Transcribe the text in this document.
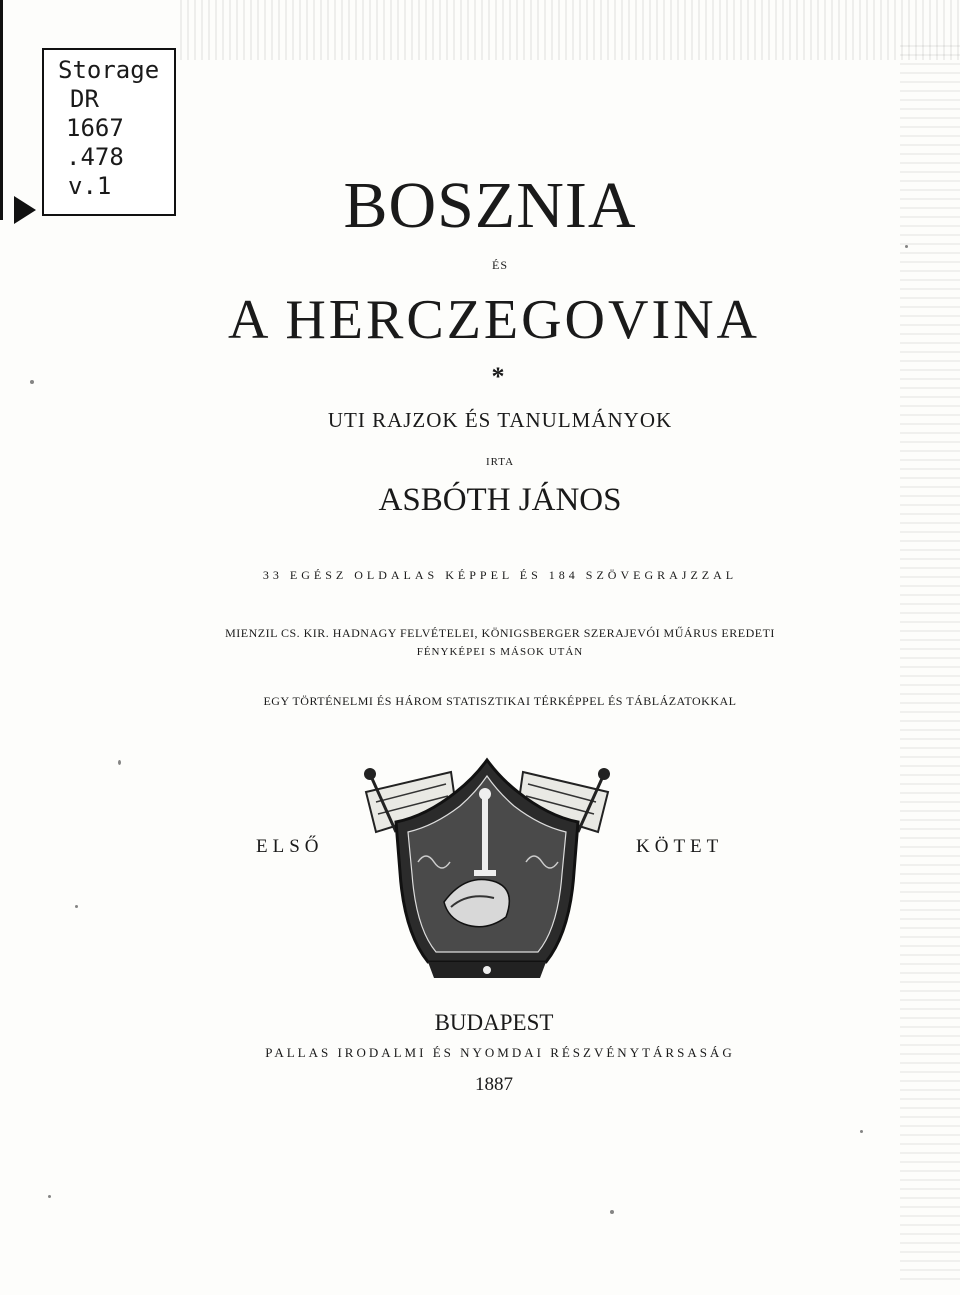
Storage
DR
1667
.478
v.1	BOSZNIA
ÉS
A HERCZEGOVINA
*
UTI RAJZOK ÉS TANULMÁNYOK
IRTA
ASBÓTH JÁNOS
33 EGÉSZ OLDALAS KÉPPEL ÉS 184 SZÖVEGRAJZZAL
MIENZIL CS. KIR. HADNAGY FELVÉTELEI, KÖNIGSBERGER SZERAJEVÓI MŰÁRUS EREDETI
FÉNYKÉPEI S MÁSOK UTÁN
EGY TÖRTÉNELMI ÉS HÁROM STATISZTIKAI TÉRKÉPPEL ÉS TÁBLÁZATOKKAL
ELSŐ	KÖTET
BUDAPEST
PALLAS IRODALMI ÉS NYOMDAI RÉSZVÉNYTÁRSASÁG
1887
